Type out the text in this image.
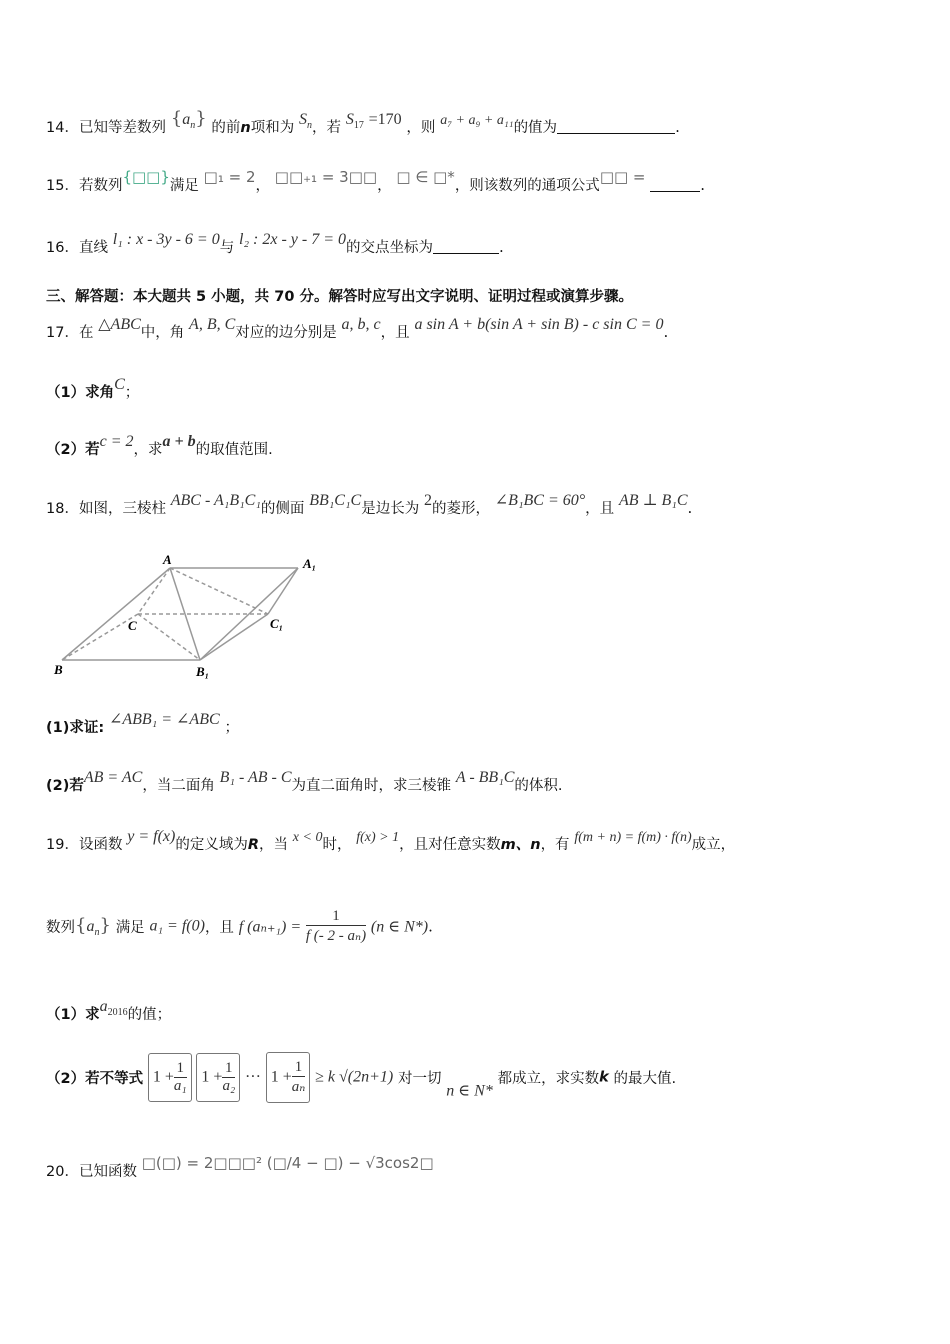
14．已知等差数列 $\{a_n\}$ 的前n项和为 $S_n$，若 $S_{17} =170$ ，则 a₇ + a₉ + a₁₁的值为	.
15．若数列{□□}满足 □₁ = 2， □□₊₁ = 3□□， □ ∈ □*，则该数列的通项公式□□ =	.
16．直线 l₁ : x - 3y - 6 = 0与 l₂ : 2x - y - 7 = 0的交点坐标为	.
三、解答题：本大题共 5 小题，共 70 分。解答时应写出文字说明、证明过程或演算步骤。
17．在 △ABC中，角 A, B, C对应的边分别是 a, b, c，且 a sin A + b(sin A + sin B) - c sin C = 0.
（1）求角C；
（2）若c = 2，求a + b的取值范围.
18．如图，三棱柱 ABC - A₁B₁C₁的侧面 BB₁C₁C是边长为 2的菱形， ∠B₁BC = 60°，且 AB ⊥ B₁C.
A	A₁
C	C₁
B	B₁
(1)求证: ∠ABB₁ = ∠ABC ；
(2)若AB = AC，当二面角 B₁ - AB - C为直二面角时，求三棱锥 A - BB₁C的体积.
19．设函数 y = f(x)的定义域为R，当 x < 0时， f(x) > 1，且对任意实数m、n，有 f(m + n) = f(m) · f(n)成立，
数列$\{a_n\}$ 满足 a₁ = f(0)，且 f $(a_{n+1}) = \frac{1}{\text{f (- 2 - aₙ)}} (n$ ∈ N*).
（1）求$a_{2016}$的值；
（2）若不等式 $1 + \frac{1}{\text{a₁}} 1 + \frac{1}{\text{a₂}}$ ··· $1 + \frac{1}{\text{aₙ}} \ge k$ √(2n+1) 对一切 n ∈ N* 都成立，求实数k 的最大值.
20．已知函数 □(□) = 2□□□² (□/4 − □) − √3cos2□
